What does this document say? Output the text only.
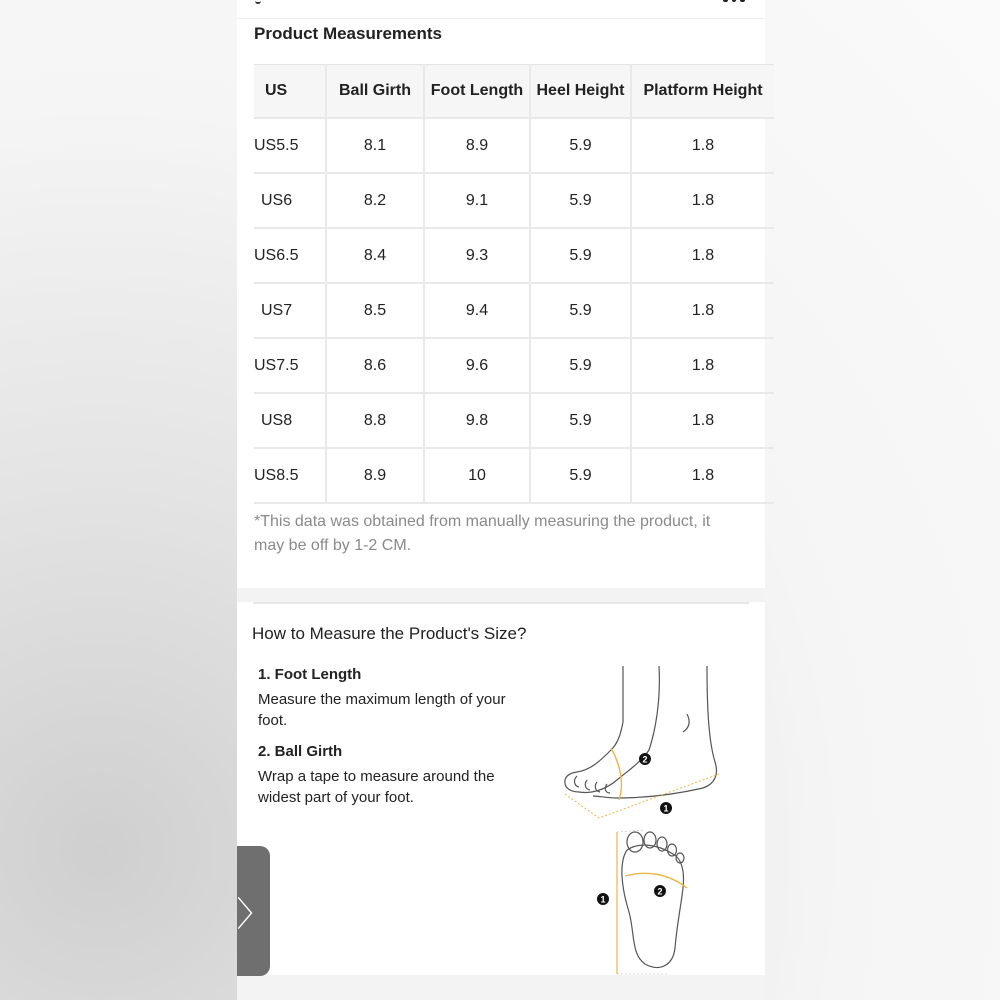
Product Measurements
US	Ball Girth	Foot Length	Heel Height	Platform Height
US5.5	8.1	8.9	5.9	1.8
US6	8.2	9.1	5.9	1.8
US6.5	8.4	9.3	5.9	1.8
US7	8.5	9.4	5.9	1.8
US7.5	8.6	9.6	5.9	1.8
US8	8.8	9.8	5.9	1.8
US8.5	8.9	10	5.9	1.8
*This data was obtained from manually measuring the product, it may be off by 1-2 CM.
How to Measure the Product's Size?
1. Foot Length
Measure the maximum length of your foot.
2. Ball Girth
Wrap a tape to measure around the widest part of your foot.
2
1
2
1
〉
